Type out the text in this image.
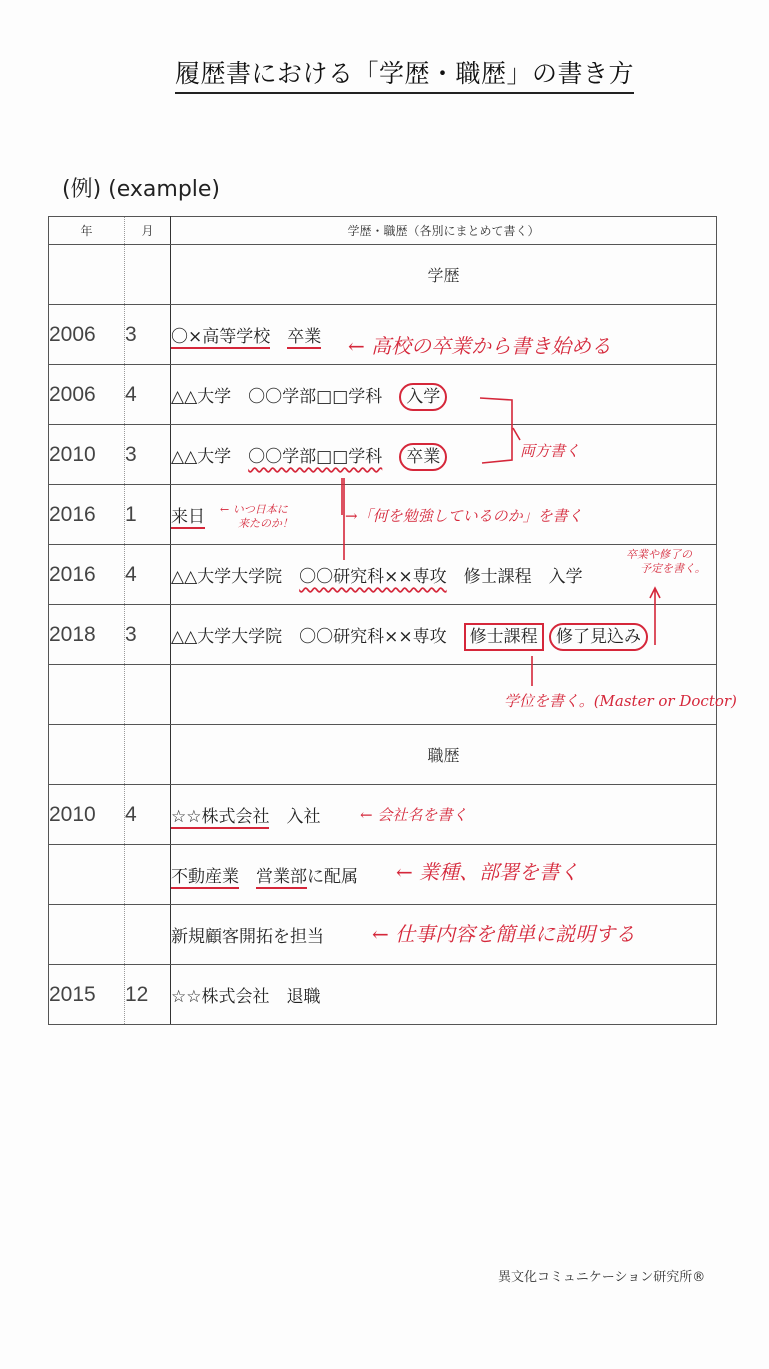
履歴書における「学歴・職歴」の書き方
(例) (example)
年	月	学歴・職歴（各別にまとめて書く）
		学歴
2006	3	〇×高等学校　 卒業
2006	4	△△大学　〇〇学部□□学科　 入学
2010	3	△△大学　 〇〇学部□□学科　 卒業
2016	1	来日
2016	4	△△大学大学院　 〇〇研究科××専攻　 修士課程　入学
2018	3	△△大学大学院　〇〇研究科××専攻　 修士課程 修了見込み

		職歴
2010	4	☆☆株式会社　 入社
		不動産業　 営業部に配属
		新規顧客開拓を担当
2015	12	☆☆株式会社　 退職
← 高校の卒業から書き始める
両方書く
← いつ日本に
来たのか！	→「何を勉強しているのか」を書く
卒業や修了の
予定を書く。
学位を書く。(Master or Doctor)
← 会社名を書く
← 業種、部署を書く
← 仕事内容を簡単に説明する
異文化コミュニケーション研究所®
